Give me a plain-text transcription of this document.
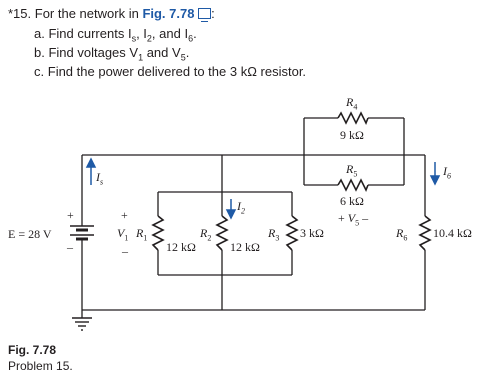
*15. For the network in Fig. 7.78 :
a. Find currents $I_s$, $I_2$, and $I_6$.
b. Find voltages $V_1$ and $V_5$.
c. Find the power delivered to the 3 kΩ resistor.
$I_s$
$I_2$
$I_6$
E = 28 V
+
–
+
$V_1$
–
$R_1$
12 kΩ
$R_2$
12 kΩ
$R_3$ 3 kΩ
$R_4$
9 kΩ
$R_5$
6 kΩ
+ $V_5$ –
$R_6$ 10.4 kΩ
Fig. 7.78
Problem 15.
